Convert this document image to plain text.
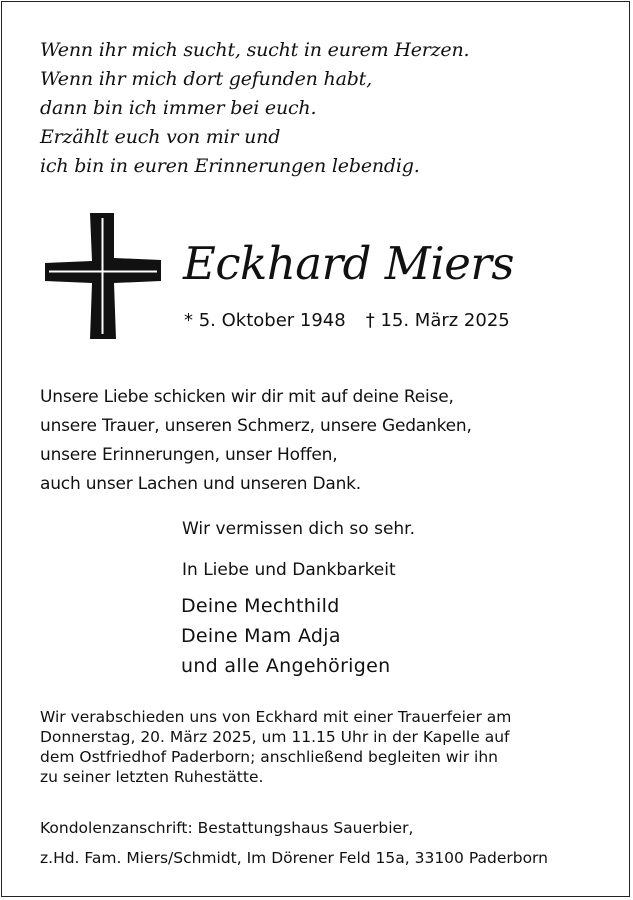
Wenn ihr mich sucht, sucht in eurem Herzen.
Wenn ihr mich dort gefunden habt,
dann bin ich immer bei euch.
Erzählt euch von mir und
ich bin in euren Erinnerungen lebendig.
Eckhard Miers
* 5. Oktober 1948 † 15. März 2025
Unsere Liebe schicken wir dir mit auf deine Reise,
unsere Trauer, unseren Schmerz, unsere Gedanken,
unsere Erinnerungen, unser Hoffen,
auch unser Lachen und unseren Dank.
Wir vermissen dich so sehr.
In Liebe und Dankbarkeit
Deine Mechthild
Deine Mam Adja
und alle Angehörigen
Wir verabschieden uns von Eckhard mit einer Trauerfeier am
Donnerstag, 20. März 2025, um 11.15 Uhr in der Kapelle auf
dem Ostfriedhof Paderborn; anschließend begleiten wir ihn
zu seiner letzten Ruhestätte.
Kondolenzanschrift: Bestattungshaus Sauerbier,
z.Hd. Fam. Miers/Schmidt, Im Dörener Feld 15a, 33100 Paderborn
